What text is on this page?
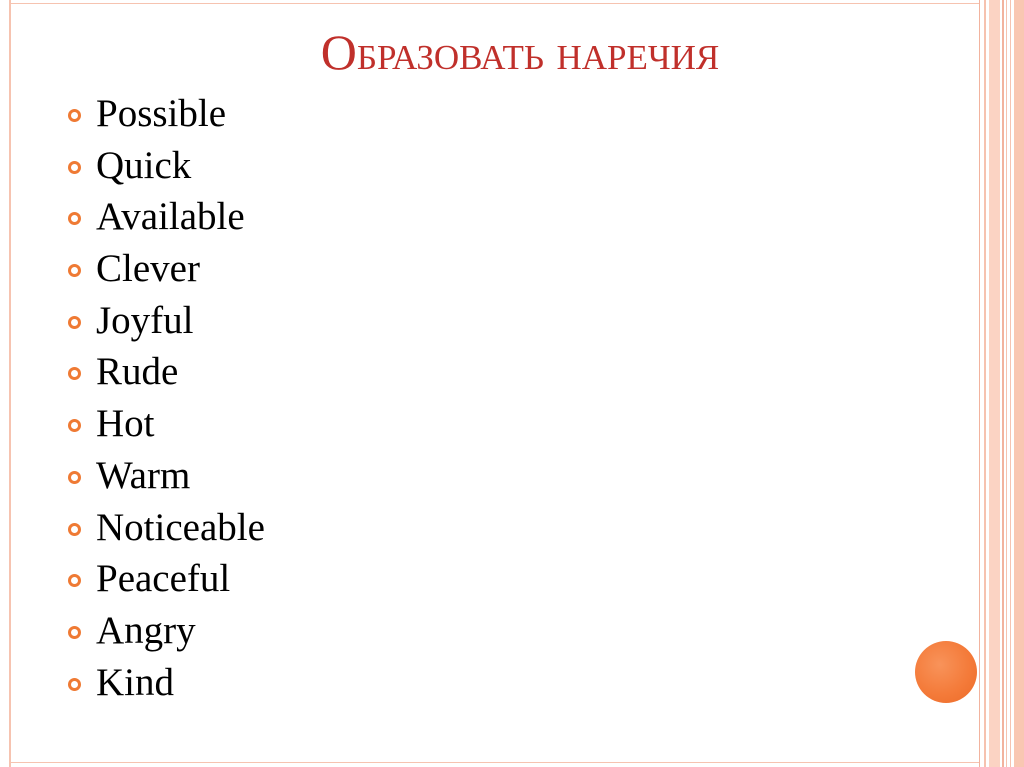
Образовать наречия
Possible
Quick
Available
Clever
Joyful
Rude
Hot
Warm
Noticeable
Peaceful
Angry
Kind
